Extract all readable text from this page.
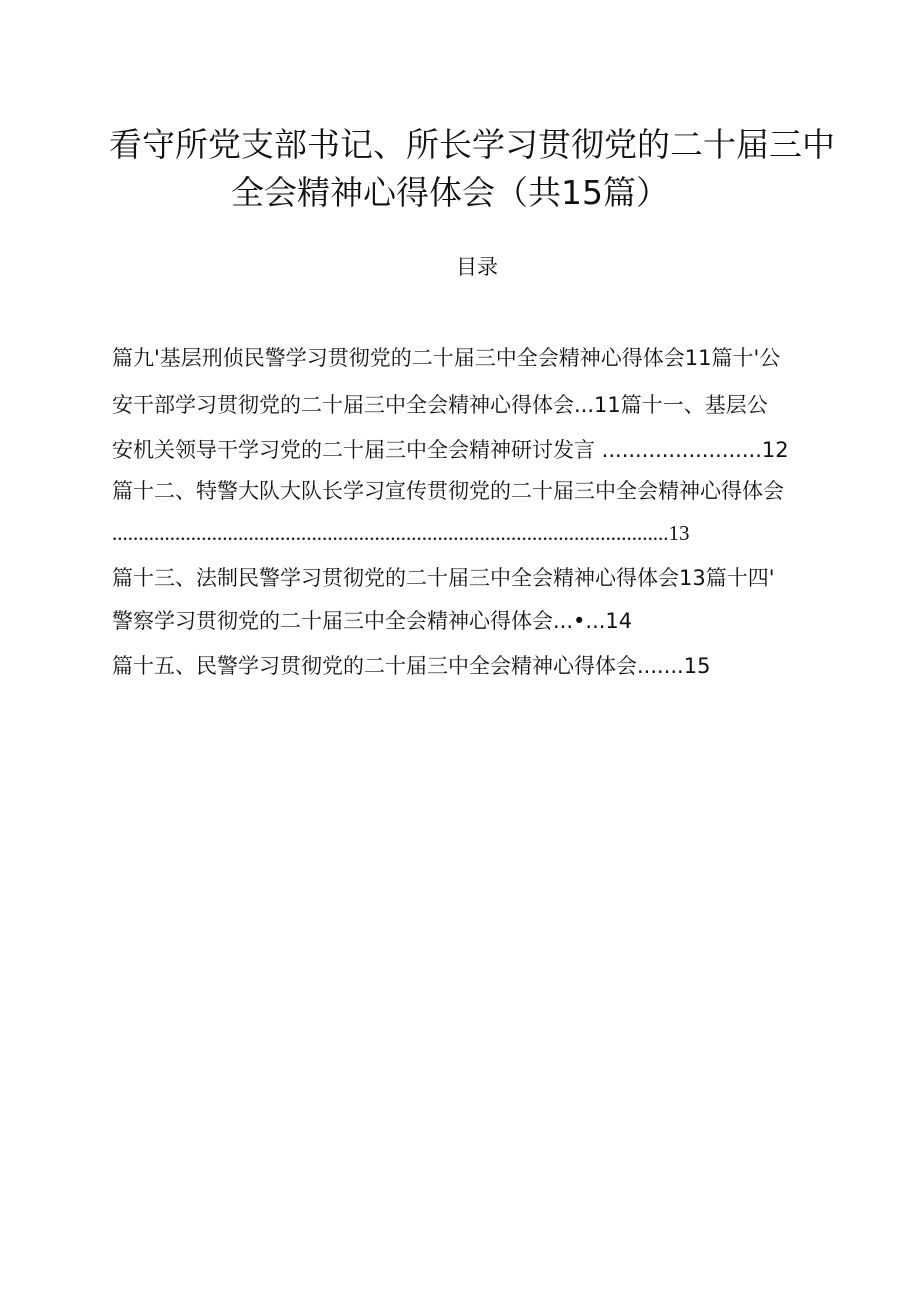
看守所党支部书记、所长学习贯彻党的二十届三中
全会精神心得体会（共15篇）
目录
篇九'基层刑侦民警学习贯彻党的二十届三中全会精神心得体会11篇十'公
安干部学习贯彻党的二十届三中全会精神心得体会...11篇十一、基层公
安机关领导干学习党的二十届三中全会精神研讨发言 ........................12
篇十二、特警大队大队长学习宣传贯彻党的二十届三中全会精神心得体会
..........................................................................................................13
篇十三、法制民警学习贯彻党的二十届三中全会精神心得体会13篇十四'
警察学习贯彻党的二十届三中全会精神心得体会...•...14
篇十五、民警学习贯彻党的二十届三中全会精神心得体会.......15
